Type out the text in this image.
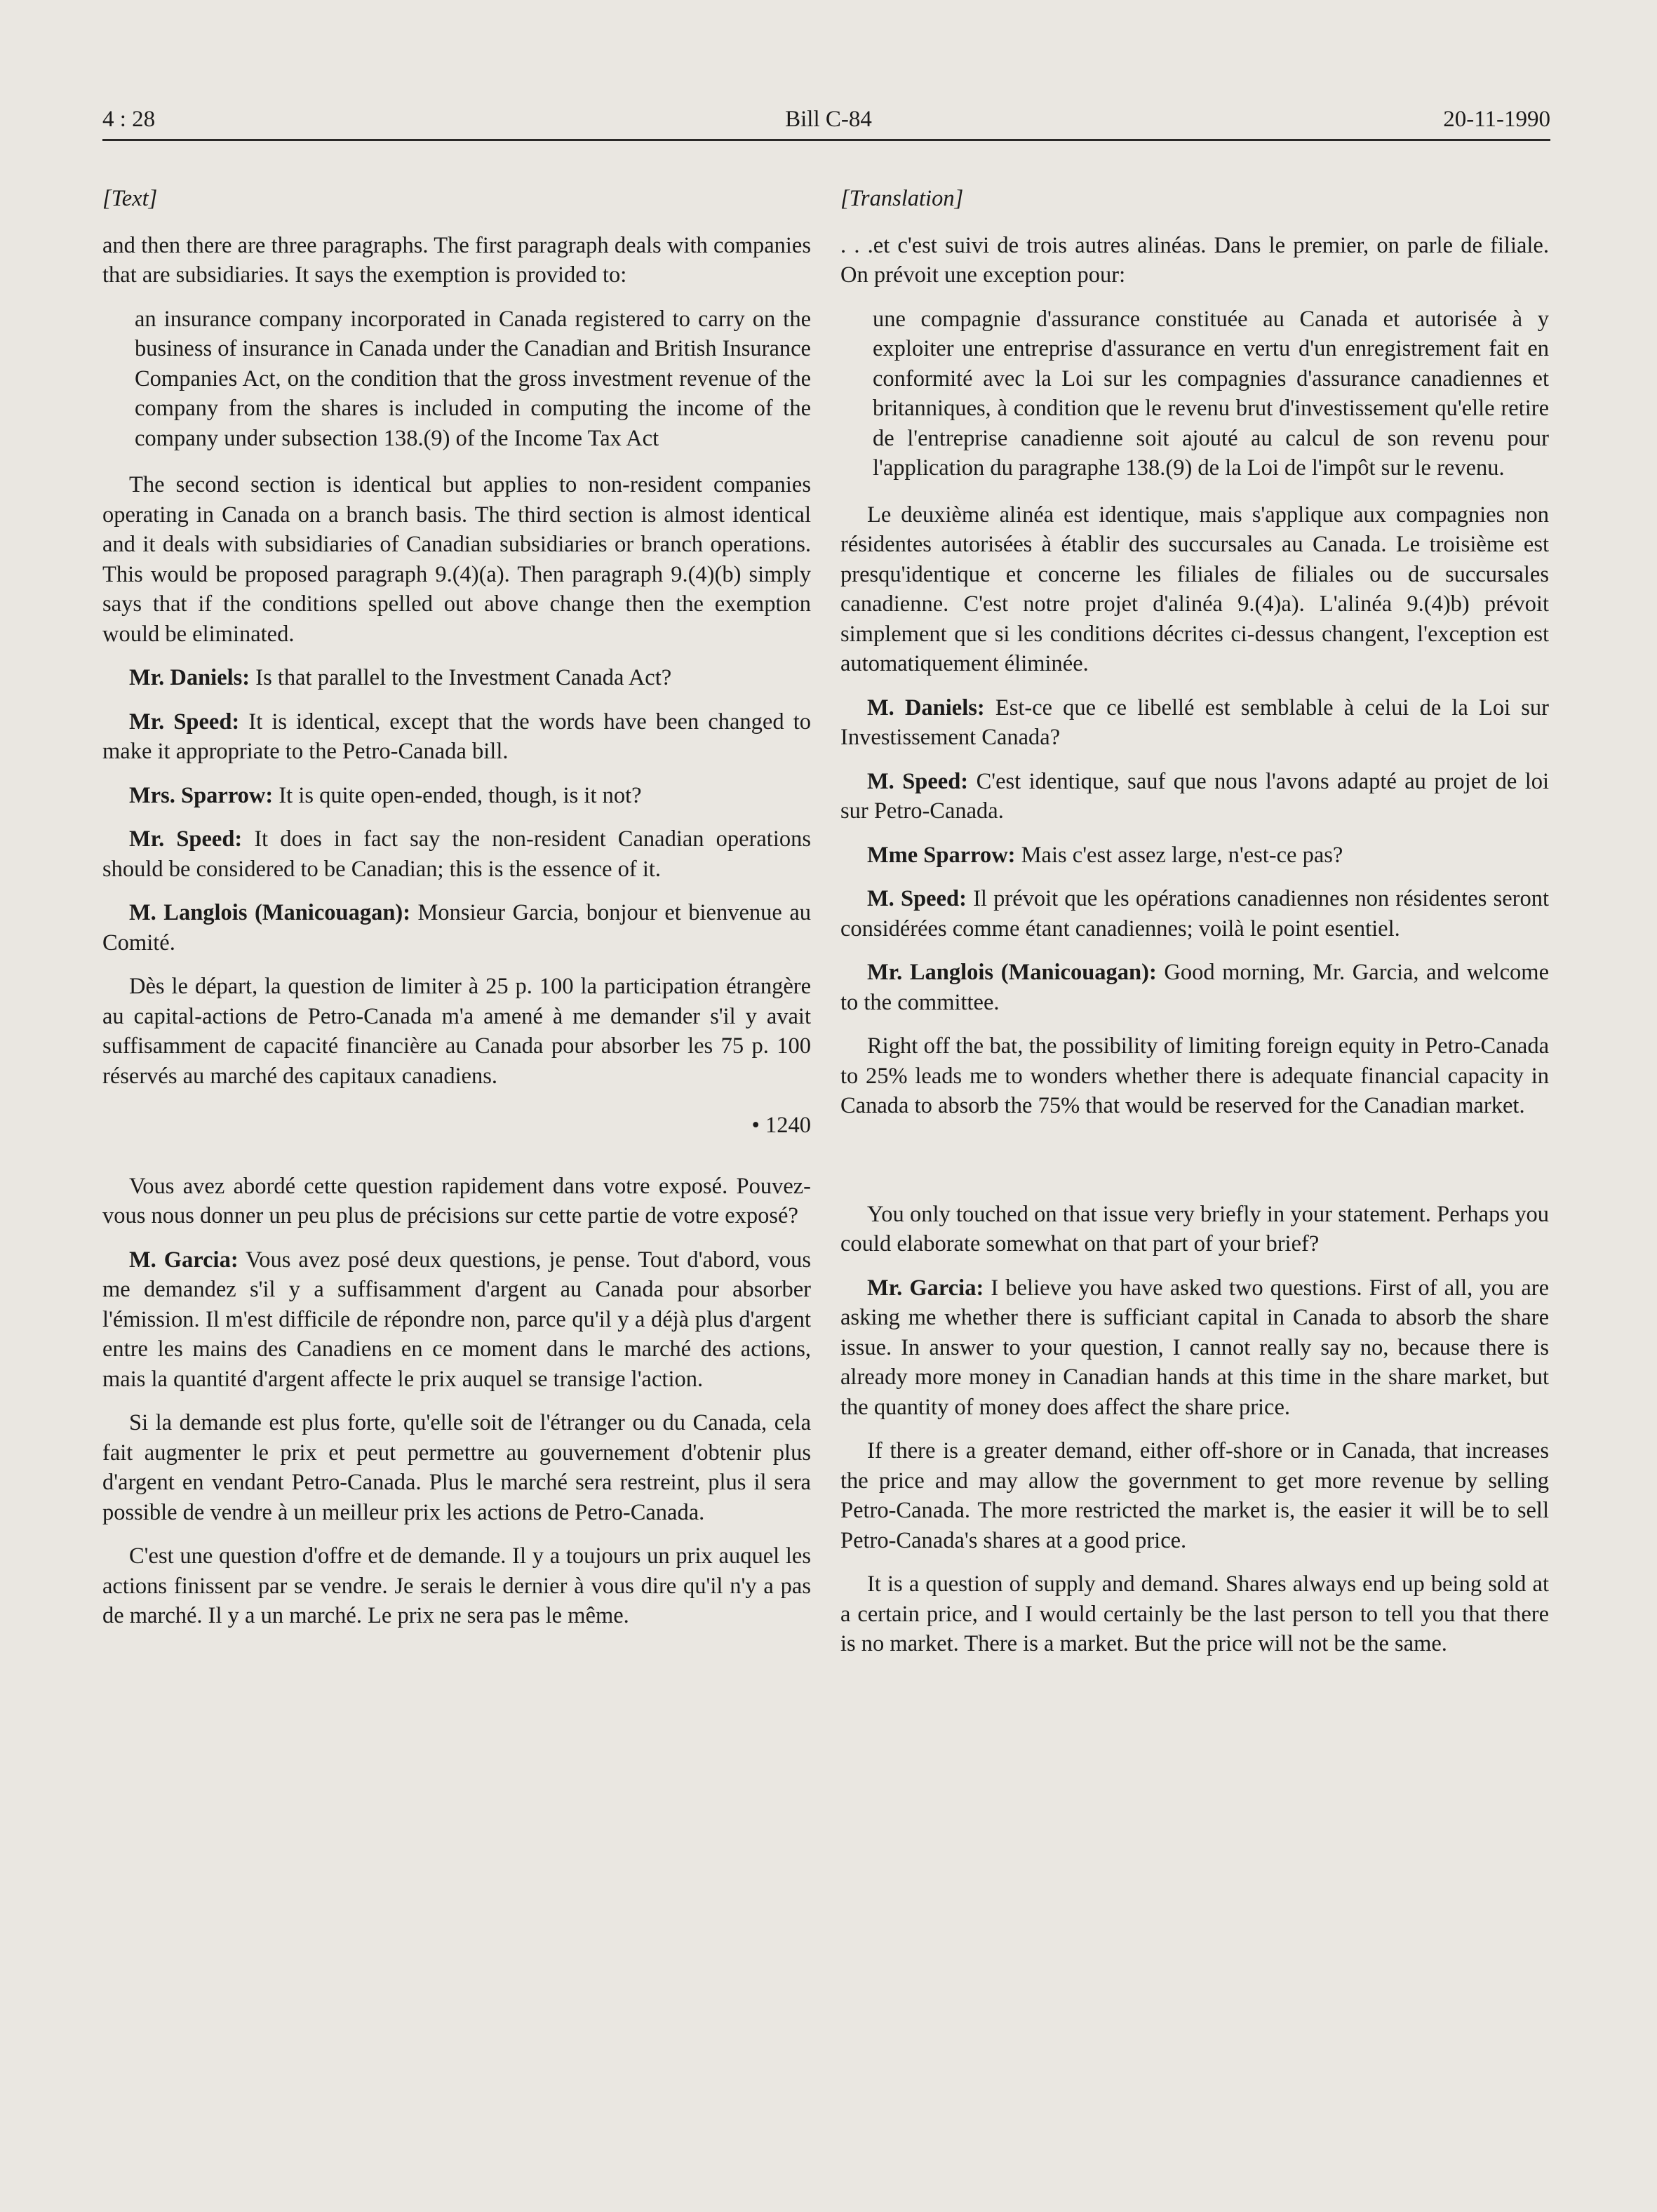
4 : 28	Bill C-84	20-11-1990
[Text]
and then there are three paragraphs. The first paragraph deals with companies that are subsidiaries. It says the exemption is provided to:
an insurance company incorporated in Canada registered to carry on the business of insurance in Canada under the Canadian and British Insurance Companies Act, on the condition that the gross investment revenue of the company from the shares is included in computing the income of the company under subsection 138.(9) of the Income Tax Act
The second section is identical but applies to non-resident companies operating in Canada on a branch basis. The third section is almost identical and it deals with subsidiaries of Canadian subsidiaries or branch operations. This would be proposed paragraph 9.(4)(a). Then paragraph 9.(4)(b) simply says that if the conditions spelled out above change then the exemption would be eliminated.
Mr. Daniels: Is that parallel to the Investment Canada Act?
Mr. Speed: It is identical, except that the words have been changed to make it appropriate to the Petro-Canada bill.
Mrs. Sparrow: It is quite open-ended, though, is it not?
Mr. Speed: It does in fact say the non-resident Canadian operations should be considered to be Canadian; this is the essence of it.
M. Langlois (Manicouagan): Monsieur Garcia, bonjour et bienvenue au Comité.
Dès le départ, la question de limiter à 25 p. 100 la participation étrangère au capital-actions de Petro-Canada m'a amené à me demander s'il y avait suffisamment de capacité financière au Canada pour absorber les 75 p. 100 réservés au marché des capitaux canadiens.
• 1240
Vous avez abordé cette question rapidement dans votre exposé. Pouvez-vous nous donner un peu plus de précisions sur cette partie de votre exposé?
M. Garcia: Vous avez posé deux questions, je pense. Tout d'abord, vous me demandez s'il y a suffisamment d'argent au Canada pour absorber l'émission. Il m'est difficile de répondre non, parce qu'il y a déjà plus d'argent entre les mains des Canadiens en ce moment dans le marché des actions, mais la quantité d'argent affecte le prix auquel se transige l'action.
Si la demande est plus forte, qu'elle soit de l'étranger ou du Canada, cela fait augmenter le prix et peut permettre au gouvernement d'obtenir plus d'argent en vendant Petro-Canada. Plus le marché sera restreint, plus il sera possible de vendre à un meilleur prix les actions de Petro-Canada.
C'est une question d'offre et de demande. Il y a toujours un prix auquel les actions finissent par se vendre. Je serais le dernier à vous dire qu'il n'y a pas de marché. Il y a un marché. Le prix ne sera pas le même.
[Translation]
. . .et c'est suivi de trois autres alinéas. Dans le premier, on parle de filiale. On prévoit une exception pour:
une compagnie d'assurance constituée au Canada et autorisée à y exploiter une entreprise d'assurance en vertu d'un enregistrement fait en conformité avec la Loi sur les compagnies d'assurance canadiennes et britanniques, à condition que le revenu brut d'investissement qu'elle retire de l'entreprise canadienne soit ajouté au calcul de son revenu pour l'application du paragraphe 138.(9) de la Loi de l'impôt sur le revenu.
Le deuxième alinéa est identique, mais s'applique aux compagnies non résidentes autorisées à établir des succursales au Canada. Le troisième est presqu'identique et concerne les filiales de filiales ou de succursales canadienne. C'est notre projet d'alinéa 9.(4)a). L'alinéa 9.(4)b) prévoit simplement que si les conditions décrites ci-dessus changent, l'exception est automatiquement éliminée.
M. Daniels: Est-ce que ce libellé est semblable à celui de la Loi sur Investissement Canada?
M. Speed: C'est identique, sauf que nous l'avons adapté au projet de loi sur Petro-Canada.
Mme Sparrow: Mais c'est assez large, n'est-ce pas?
M. Speed: Il prévoit que les opérations canadiennes non résidentes seront considérées comme étant canadiennes; voilà le point esentiel.
Mr. Langlois (Manicouagan): Good morning, Mr. Garcia, and welcome to the committee.
Right off the bat, the possibility of limiting foreign equity in Petro-Canada to 25% leads me to wonders whether there is adequate financial capacity in Canada to absorb the 75% that would be reserved for the Canadian market.
You only touched on that issue very briefly in your statement. Perhaps you could elaborate somewhat on that part of your brief?
Mr. Garcia: I believe you have asked two questions. First of all, you are asking me whether there is sufficiant capital in Canada to absorb the share issue. In answer to your question, I cannot really say no, because there is already more money in Canadian hands at this time in the share market, but the quantity of money does affect the share price.
If there is a greater demand, either off-shore or in Canada, that increases the price and may allow the government to get more revenue by selling Petro-Canada. The more restricted the market is, the easier it will be to sell Petro-Canada's shares at a good price.
It is a question of supply and demand. Shares always end up being sold at a certain price, and I would certainly be the last person to tell you that there is no market. There is a market. But the price will not be the same.
